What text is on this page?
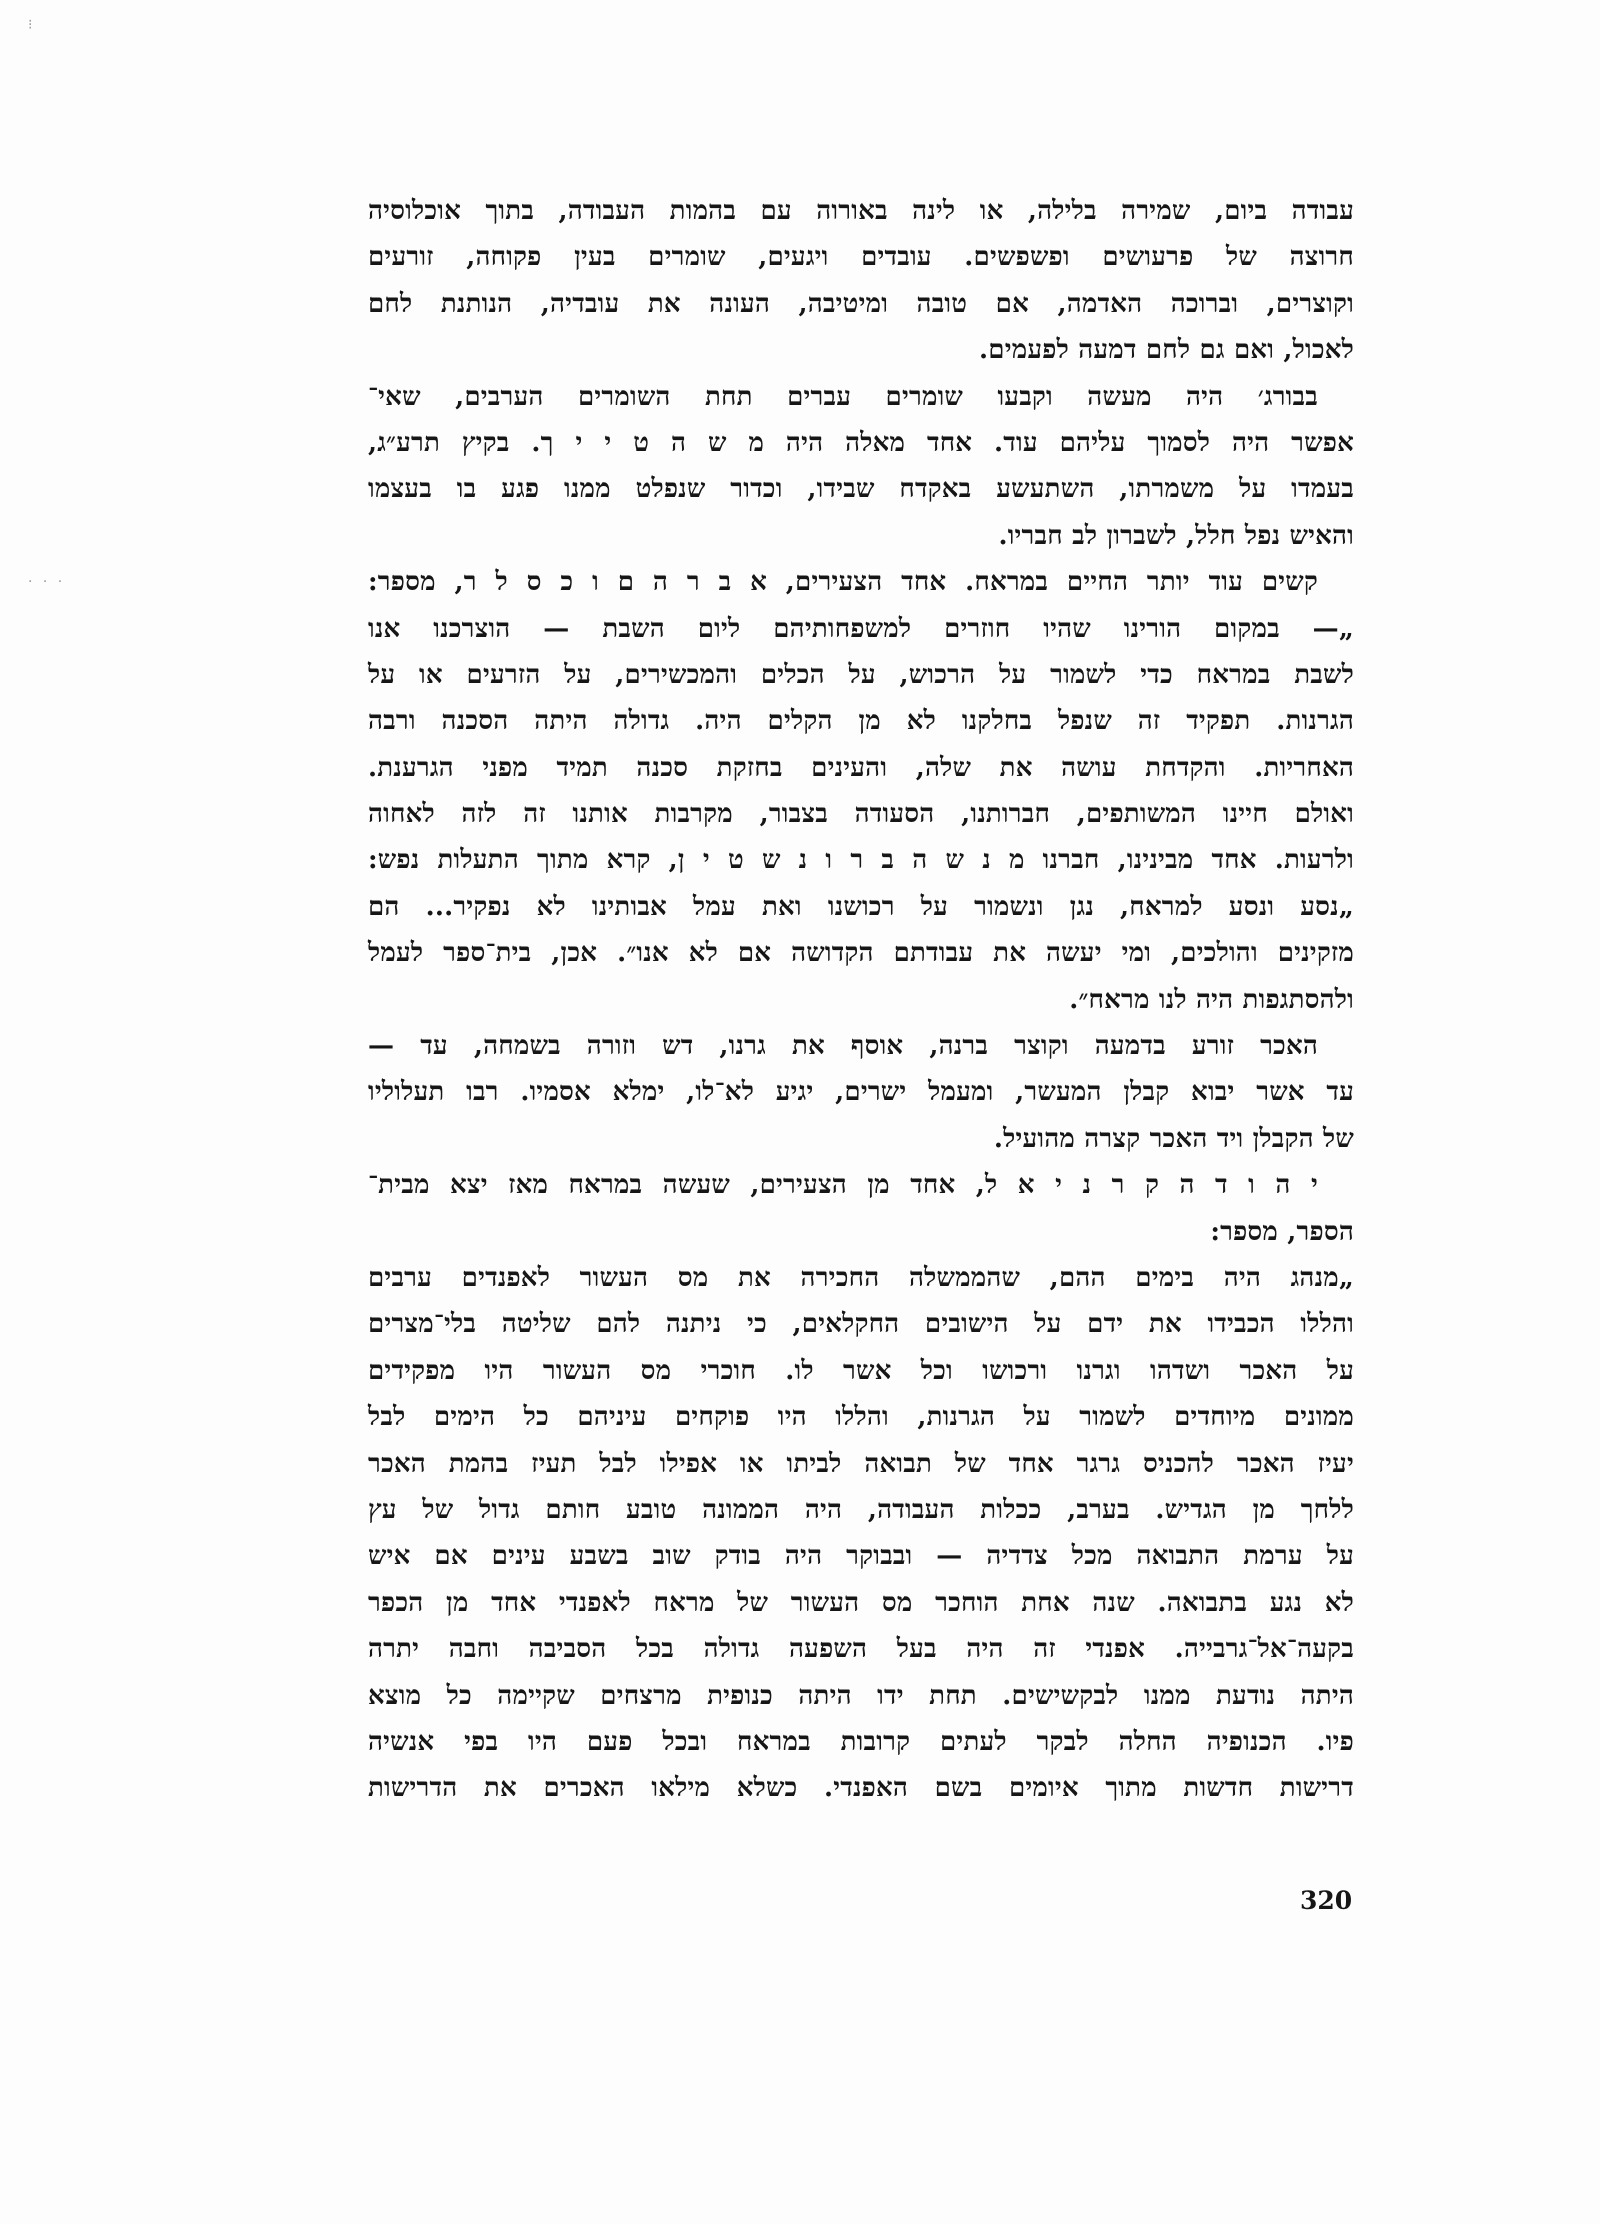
⁝
· · ·
עבודה ביום, שמירה בלילה, או לינה באורוה עם בהמות העבודה, בתוך אוכלוסיה
חרוצה של פרעושים ופשפשים. עובדים ויגעים, שומרים בעין פקוחה, זורעים
וקוצרים, וברוכה האדמה, אם טובה ומיטיבה, העונה את עובדיה, הנותנת לחם
לאכול, ואם גם לחם דמעה לפעמים.
בבורג׳ היה מעשה וקבעו שומרים עברים תחת השומרים הערבים, שאי־
אפשר היה לסמוך עליהם עוד. אחד מאלה היה מ ש ה ט י י ך. בקיץ תרע״ג,
בעמדו על משמרתו, השתעשע באקדח שבידו, וכדור שנפלט ממנו פגע בו בעצמו
והאיש נפל חלל, לשברון לב חבריו.
קשים עוד יותר החיים במראח. אחד הצעירים, א ב ר ה ם ו כ ס ל ר, מספר:
„— במקום הורינו שהיו חוזרים למשפחותיהם ליום השבת — הוצרכנו אנו
לשבת במראח כדי לשמור על הרכוש, על הכלים והמכשירים, על הזרעים או על
הגרנות. תפקיד זה שנפל בחלקנו לא מן הקלים היה. גדולה היתה הסכנה ורבה
האחריות. והקדחת עושה את שלה, והעינים בחזקת סכנה תמיד מפני הגרענת.
ואולם חיינו המשותפים, חברותנו, הסעודה בצבור, מקרבות אותנו זה לזה לאחוה
ולרעות. אחד מבינינו, חברנו מ נ ש ה ב ר ו נ ש ט י ן, קרא מתוך התעלות נפש:
„נסע ונסע למראח, נגן ונשמור על רכושנו ואת עמל אבותינו לא נפקיר... הם
מזקינים והולכים, ומי יעשה את עבודתם הקדושה אם לא אנו״. אכן, בית־ספר לעמל
ולהסתגפות היה לנו מראח״.
האכר זורע בדמעה וקוצר ברנה, אוסף את גרנו, דש וזורה בשמחה, עד —
עד אשר יבוא קבלן המעשר, ומעמל ישרים, יגיע לא־לו, ימלא אסמיו. רבו תעלוליו
של הקבלן ויד האכר קצרה מהועיל.
י ה ו ד ה ק ר נ י א ל, אחד מן הצעירים, שעשה במראח מאז יצא מבית־
הספר, מספר:
„מנהג היה בימים ההם, שהממשלה החכירה את מס העשור לאפנדים ערבים
והללו הכבידו את ידם על הישובים החקלאים, כי ניתנה להם שליטה בלי־מצרים
על האכר ושדהו וגרנו ורכושו וכל אשר לו. חוכרי מס העשור היו מפקידים
ממונים מיוחדים לשמור על הגרנות, והללו היו פוקחים עיניהם כל הימים לבל
יעיז האכר להכניס גרגר אחד של תבואה לביתו או אפילו לבל תעיז בהמת האכר
ללחך מן הגדיש. בערב, ככלות העבודה, היה הממונה טובע חותם גדול של עץ
על ערמת התבואה מכל צדדיה — ובבוקר היה בודק שוב בשבע עינים אם איש
לא נגע בתבואה. שנה אחת הוחכר מס העשור של מראח לאפנדי אחד מן הכפר
בקעה־אל־גרבייה. אפנדי זה היה בעל השפעה גדולה בכל הסביבה וחבה יתרה
היתה נודעת ממנו לבקשישים. תחת ידו היתה כנופית מרצחים שקיימה כל מוצא
פיו. הכנופיה החלה לבקר לעתים קרובות במראח ובכל פעם היו בפי אנשיה
דרישות חדשות מתוך איומים בשם האפנדי. כשלא מילאו האכרים את הדרישות
320
